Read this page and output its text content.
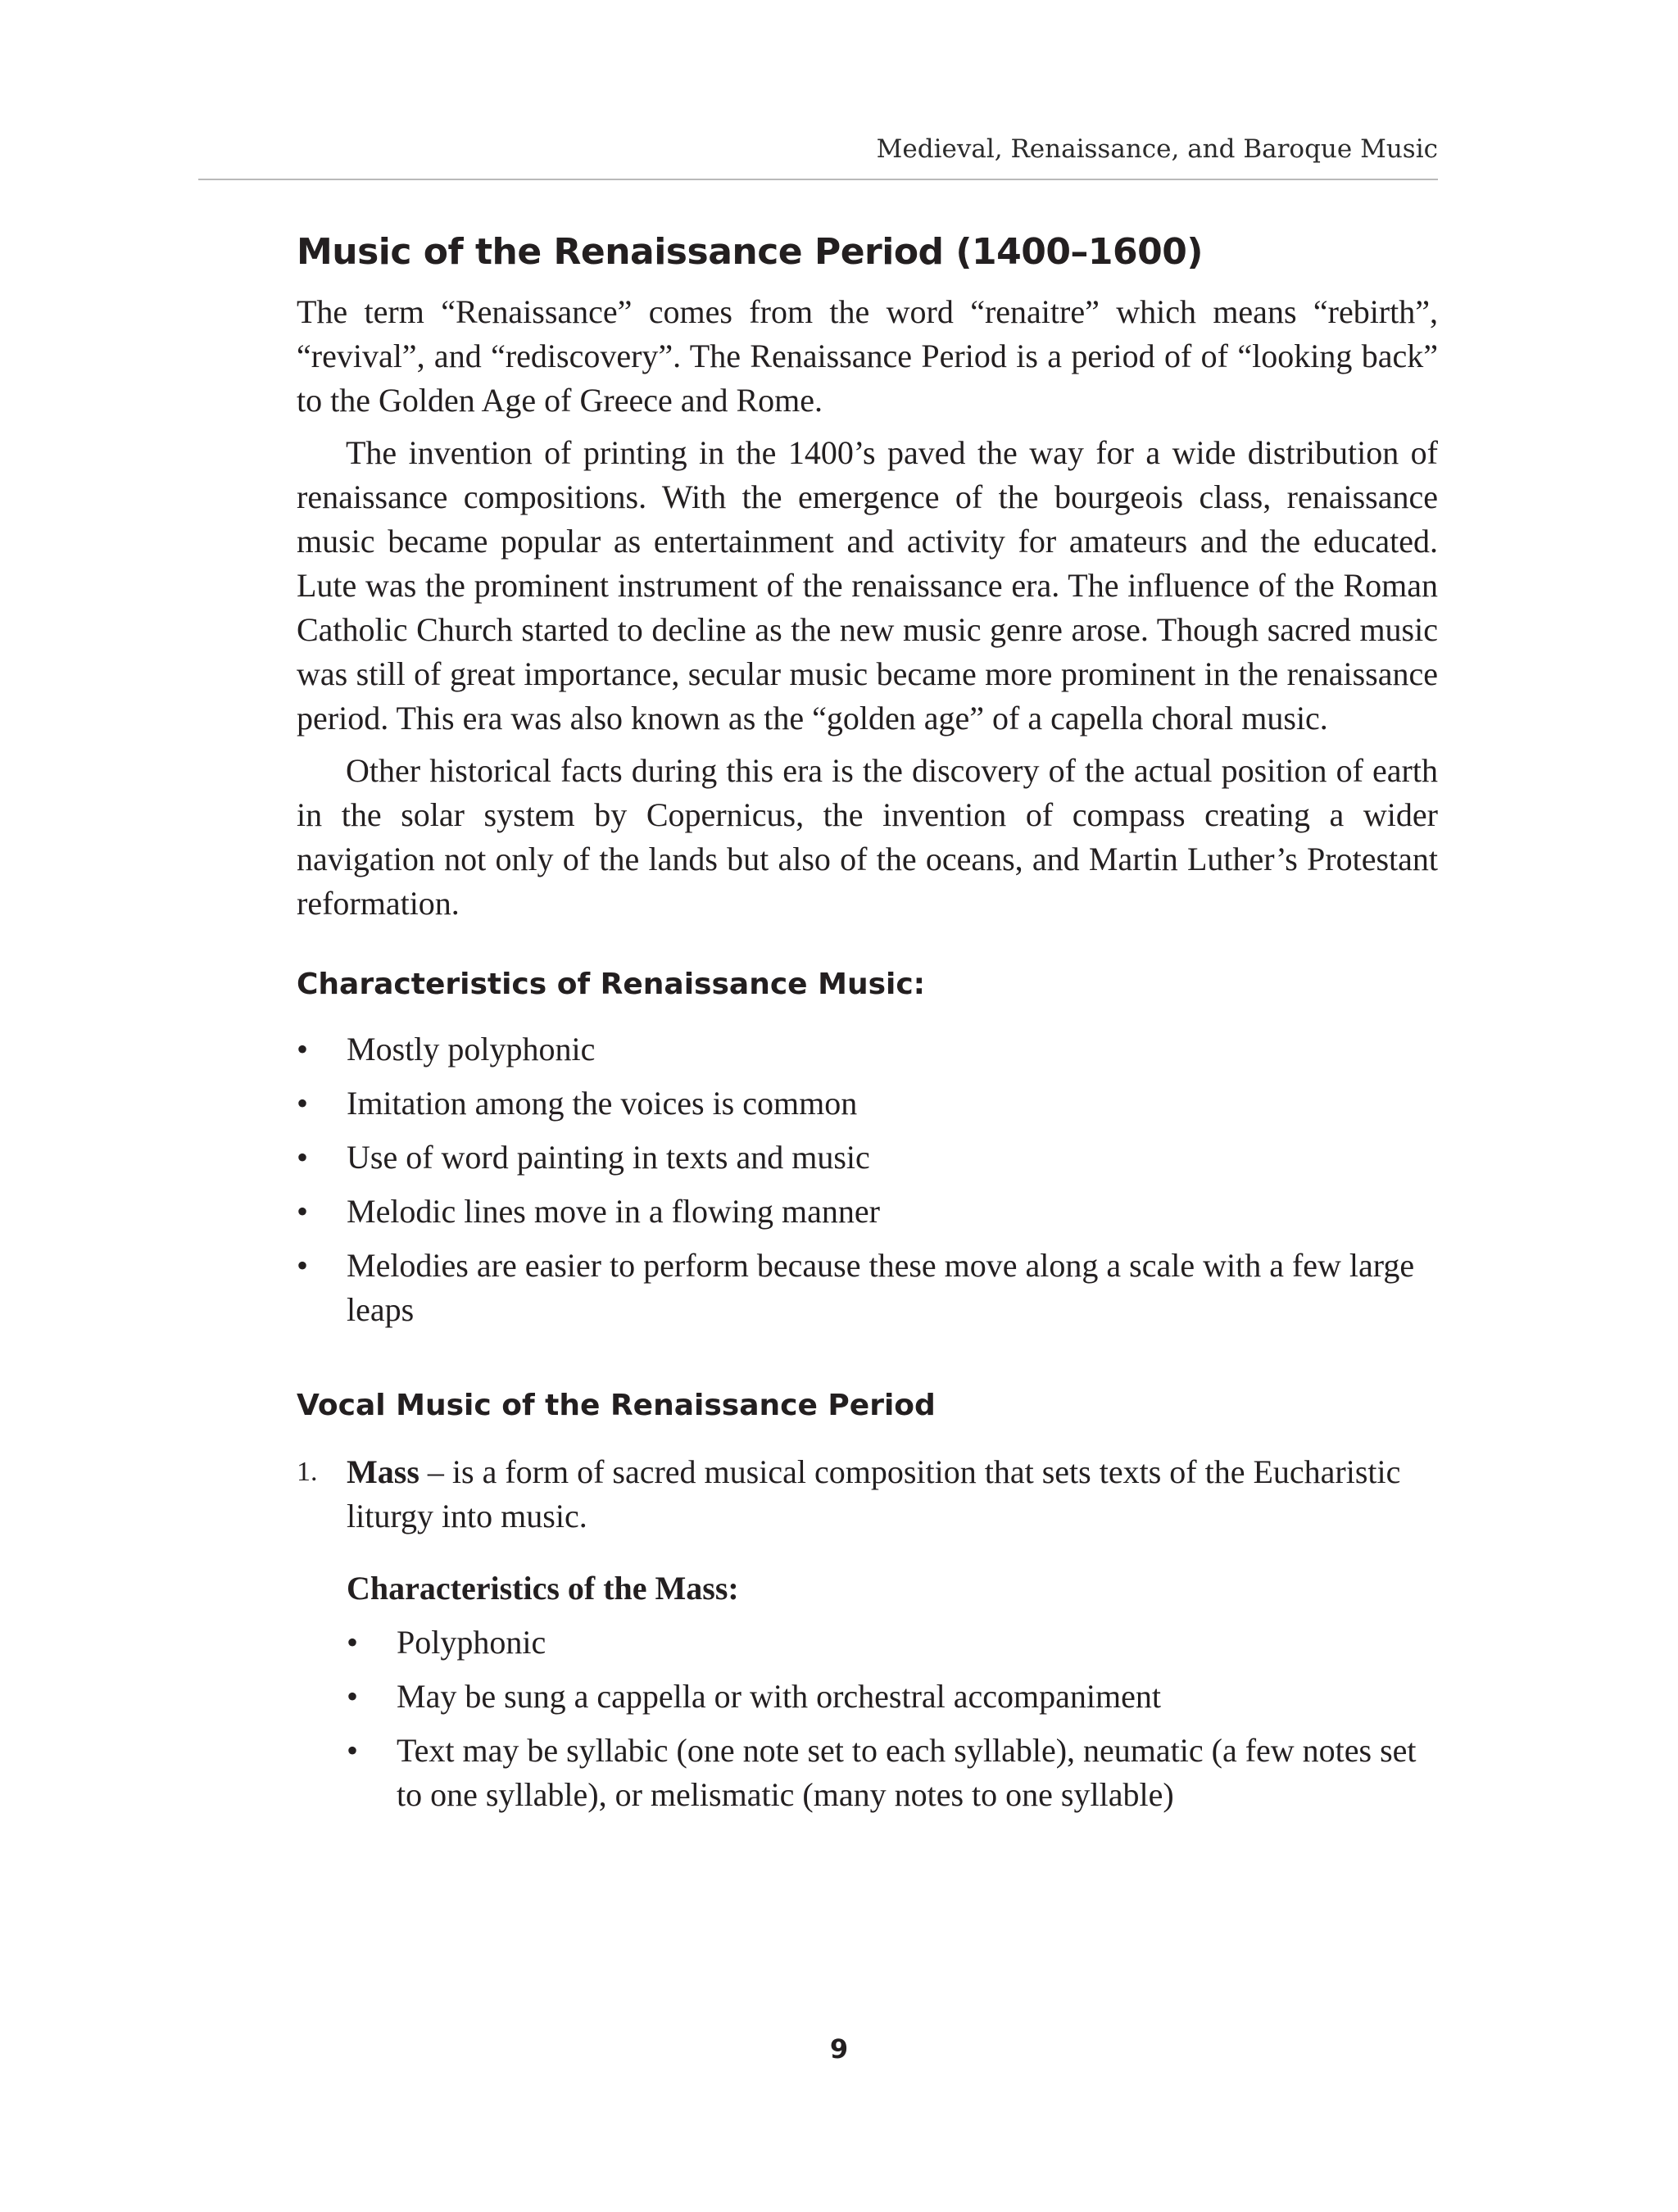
Medieval, Renaissance, and Baroque Music
Music of the Renaissance Period (1400–1600)

The term “Renaissance” comes from the word “renaitre” which means “rebirth”, “revival”, and “rediscovery”. The Renaissance Period is a period of of “looking back” to the Golden Age of Greece and Rome.

The invention of printing in the 1400’s paved the way for a wide distribution of renaissance compositions. With the emergence of the bourgeois class, renaissance music became popular as entertainment and activity for amateurs and the educated. Lute was the prominent instrument of the renaissance era. The influence of the Roman Catholic Church started to decline as the new music genre arose. Though sacred music was still of great importance, secular music became more prominent in the renaissance period. This era was also known as the “golden age” of a capella choral music.

Other historical facts during this era is the discovery of the actual position of earth in the solar system by Copernicus, the invention of compass creating a wider navigation not only of the lands but also of the oceans, and Martin Luther’s Protestant reformation.

Characteristics of Renaissance Music:
• Mostly polyphonic
• Imitation among the voices is common
• Use of word painting in texts and music
• Melodic lines move in a flowing manner
• Melodies are easier to perform because these move along a scale with a few large leaps
Vocal Music of the Renaissance Period
1. Mass – is a form of sacred musical composition that sets texts of the Eucharistic liturgy into music.
Characteristics of the Mass:
• Polyphonic
• May be sung a cappella or with orchestral accompaniment
• Text may be syllabic (one note set to each syllable), neumatic (a few notes set to one syllable), or melismatic (many notes to one syllable)
9
